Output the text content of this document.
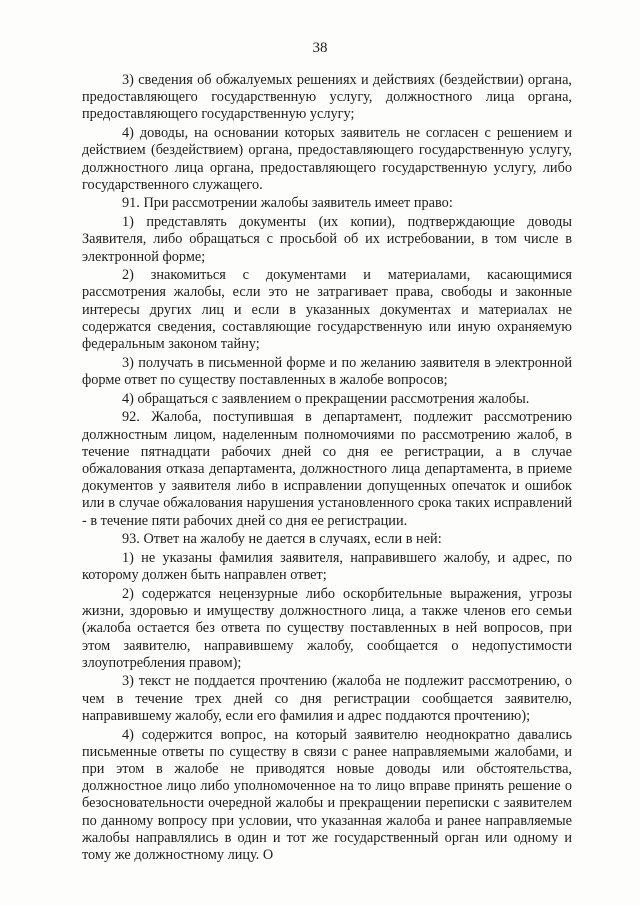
38

3) сведения об обжалуемых решениях и действиях (бездействии) органа, предоставляющего государственную услугу, должностного лица органа, предоставляющего государственную услугу;

4) доводы, на основании которых заявитель не согласен с решением и действием (бездействием) органа, предоставляющего государственную услугу, должностного лица органа, предоставляющего государственную услугу, либо государственного служащего.

91. При рассмотрении жалобы заявитель имеет право:

1) представлять документы (их копии), подтверждающие доводы Заявителя, либо обращаться с просьбой об их истребовании, в том числе в электронной форме;

2) знакомиться с документами и материалами, касающимися рассмотрения жалобы, если это не затрагивает права, свободы и законные интересы других лиц и если в указанных документах и материалах не содержатся сведения, составляющие государственную или иную охраняемую федеральным законом тайну;

3) получать в письменной форме и по желанию заявителя в электронной форме ответ по существу поставленных в жалобе вопросов;

4) обращаться с заявлением о прекращении рассмотрения жалобы.

92. Жалоба, поступившая в департамент, подлежит рассмотрению должностным лицом, наделенным полномочиями по рассмотрению жалоб, в течение пятнадцати рабочих дней со дня ее регистрации, а в случае обжалования отказа департамента, должностного лица департамента, в приеме документов у заявителя либо в исправлении допущенных опечаток и ошибок или в случае обжалования нарушения установленного срока таких исправлений - в течение пяти рабочих дней со дня ее регистрации.

93. Ответ на жалобу не дается в случаях, если в ней:

1) не указаны фамилия заявителя, направившего жалобу, и адрес, по которому должен быть направлен ответ;

2) содержатся нецензурные либо оскорбительные выражения, угрозы жизни, здоровью и имуществу должностного лица, а также членов его семьи (жалоба остается без ответа по существу поставленных в ней вопросов, при этом заявителю, направившему жалобу, сообщается о недопустимости злоупотребления правом);

3) текст не поддается прочтению (жалоба не подлежит рассмотрению, о чем в течение трех дней со дня регистрации сообщается заявителю, направившему жалобу, если его фамилия и адрес поддаются прочтению);

4) содержится вопрос, на который заявителю неоднократно давались письменные ответы по существу в связи с ранее направляемыми жалобами, и при этом в жалобе не приводятся новые доводы или обстоятельства, должностное лицо либо уполномоченное на то лицо вправе принять решение о безосновательности очередной жалобы и прекращении переписки с заявителем по данному вопросу при условии, что указанная жалоба и ранее направляемые жалобы направлялись в один и тот же государственный орган или одному и тому же должностному лицу. О
